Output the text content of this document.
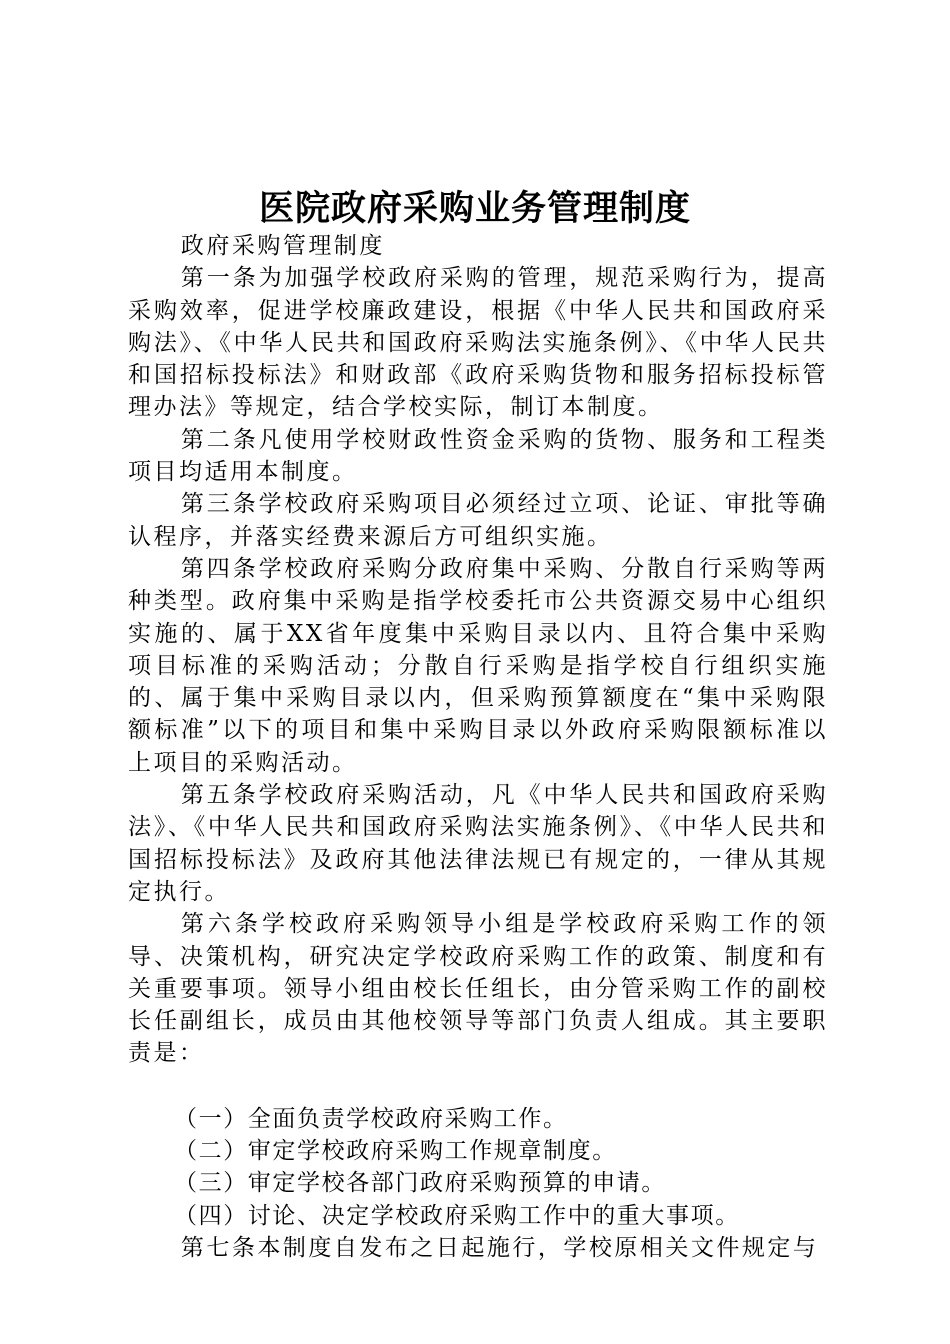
医院政府采购业务管理制度

政府采购管理制度

第一条为加强学校政府采购的管理，规范采购行为，提高采购效率，促进学校廉政建设，根据《中华人民共和国政府采购法》、《中华人民共和国政府采购法实施条例》、《中华人民共和国招标投标法》和财政部《政府采购货物和服务招标投标管理办法》等规定，结合学校实际，制订本制度。

第二条凡使用学校财政性资金采购的货物、服务和工程类项目均适用本制度。

第三条学校政府采购项目必须经过立项、论证、审批等确认程序，并落实经费来源后方可组织实施。

第四条学校政府采购分政府集中采购、分散自行采购等两种类型。政府集中采购是指学校委托市公共资源交易中心组织实施的、属于XX省年度集中采购目录以内、且符合集中采购项目标准的采购活动；分散自行采购是指学校自行组织实施的、属于集中采购目录以内，但采购预算额度在“集中采购限额标准”以下的项目和集中采购目录以外政府采购限额标准以上项目的采购活动。

第五条学校政府采购活动，凡《中华人民共和国政府采购法》、《中华人民共和国政府采购法实施条例》、《中华人民共和国招标投标法》及政府其他法律法规已有规定的，一律从其规定执行。

第六条学校政府采购领导小组是学校政府采购工作的领导、决策机构，研究决定学校政府采购工作的政策、制度和有关重要事项。领导小组由校长任组长，由分管采购工作的副校长任副组长，成员由其他校领导等部门负责人组成。其主要职责是：

（一）全面负责学校政府采购工作。

（二）审定学校政府采购工作规章制度。

（三）审定学校各部门政府采购预算的申请。

（四）讨论、决定学校政府采购工作中的重大事项。

第七条本制度自发布之日起施行，学校原相关文件规定与
